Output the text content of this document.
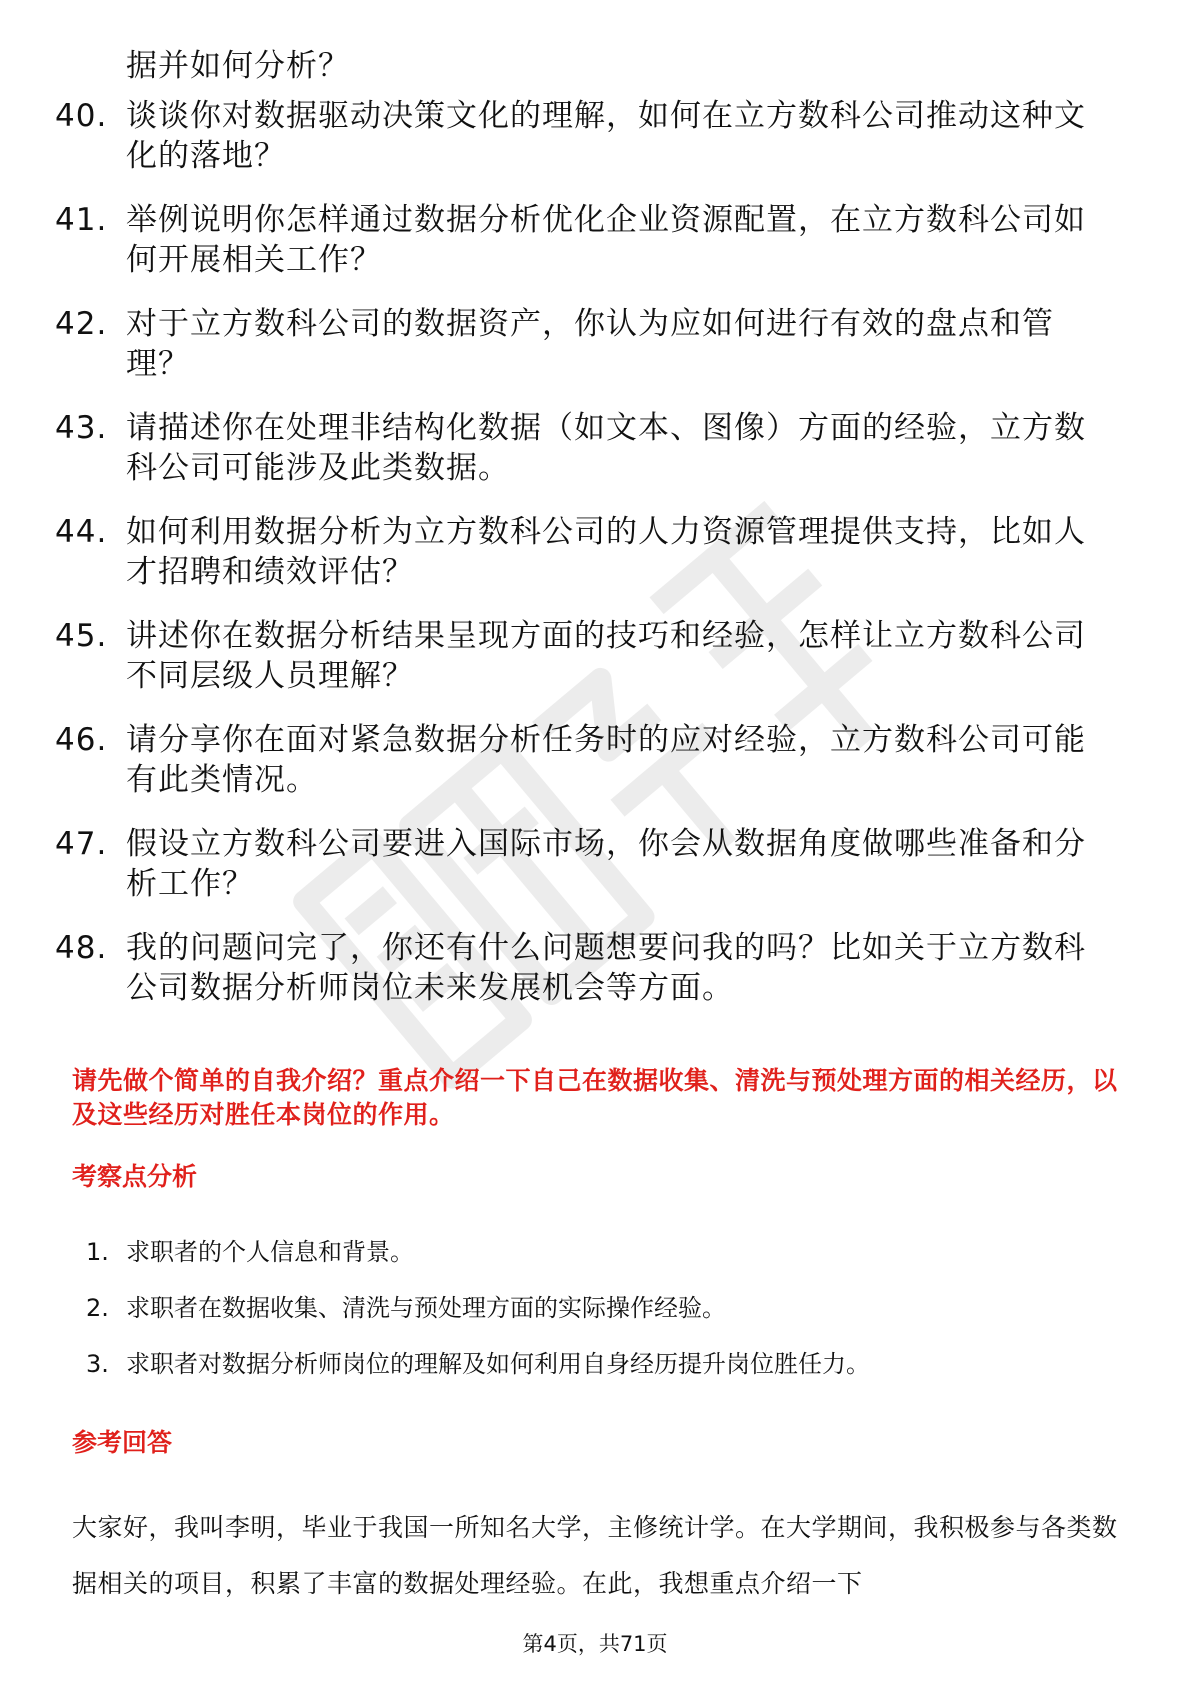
据并如何分析？
40. 谈谈你对数据驱动决策文化的理解，如何在立方数科公司推动这种文化的落地？
41. 举例说明你怎样通过数据分析优化企业资源配置，在立方数科公司如何开展相关工作？
42. 对于立方数科公司的数据资产，你认为应如何进行有效的盘点和管理？
43. 请描述你在处理非结构化数据（如文本、图像）方面的经验，立方数科公司可能涉及此类数据。
44. 如何利用数据分析为立方数科公司的人力资源管理提供支持，比如人才招聘和绩效评估？
45. 讲述你在数据分析结果呈现方面的技巧和经验，怎样让立方数科公司不同层级人员理解？
46. 请分享你在面对紧急数据分析任务时的应对经验，立方数科公司可能有此类情况。
47. 假设立方数科公司要进入国际市场，你会从数据角度做哪些准备和分析工作？
48. 我的问题问完了，你还有什么问题想要问我的吗？比如关于立方数科公司数据分析师岗位未来发展机会等方面。
请先做个简单的自我介绍？重点介绍一下自己在数据收集、清洗与预处理方面的相关经历，以及这些经历对胜任本岗位的作用。
考察点分析
1. 求职者的个人信息和背景。
2. 求职者在数据收集、清洗与预处理方面的实际操作经验。
3. 求职者对数据分析师岗位的理解及如何利用自身经历提升岗位胜任力。
参考回答
大家好，我叫李明，毕业于我国一所知名大学，主修统计学。在大学期间，我积极参与各类数据相关的项目，积累了丰富的数据处理经验。在此，我想重点介绍一下
第4页，共71页
